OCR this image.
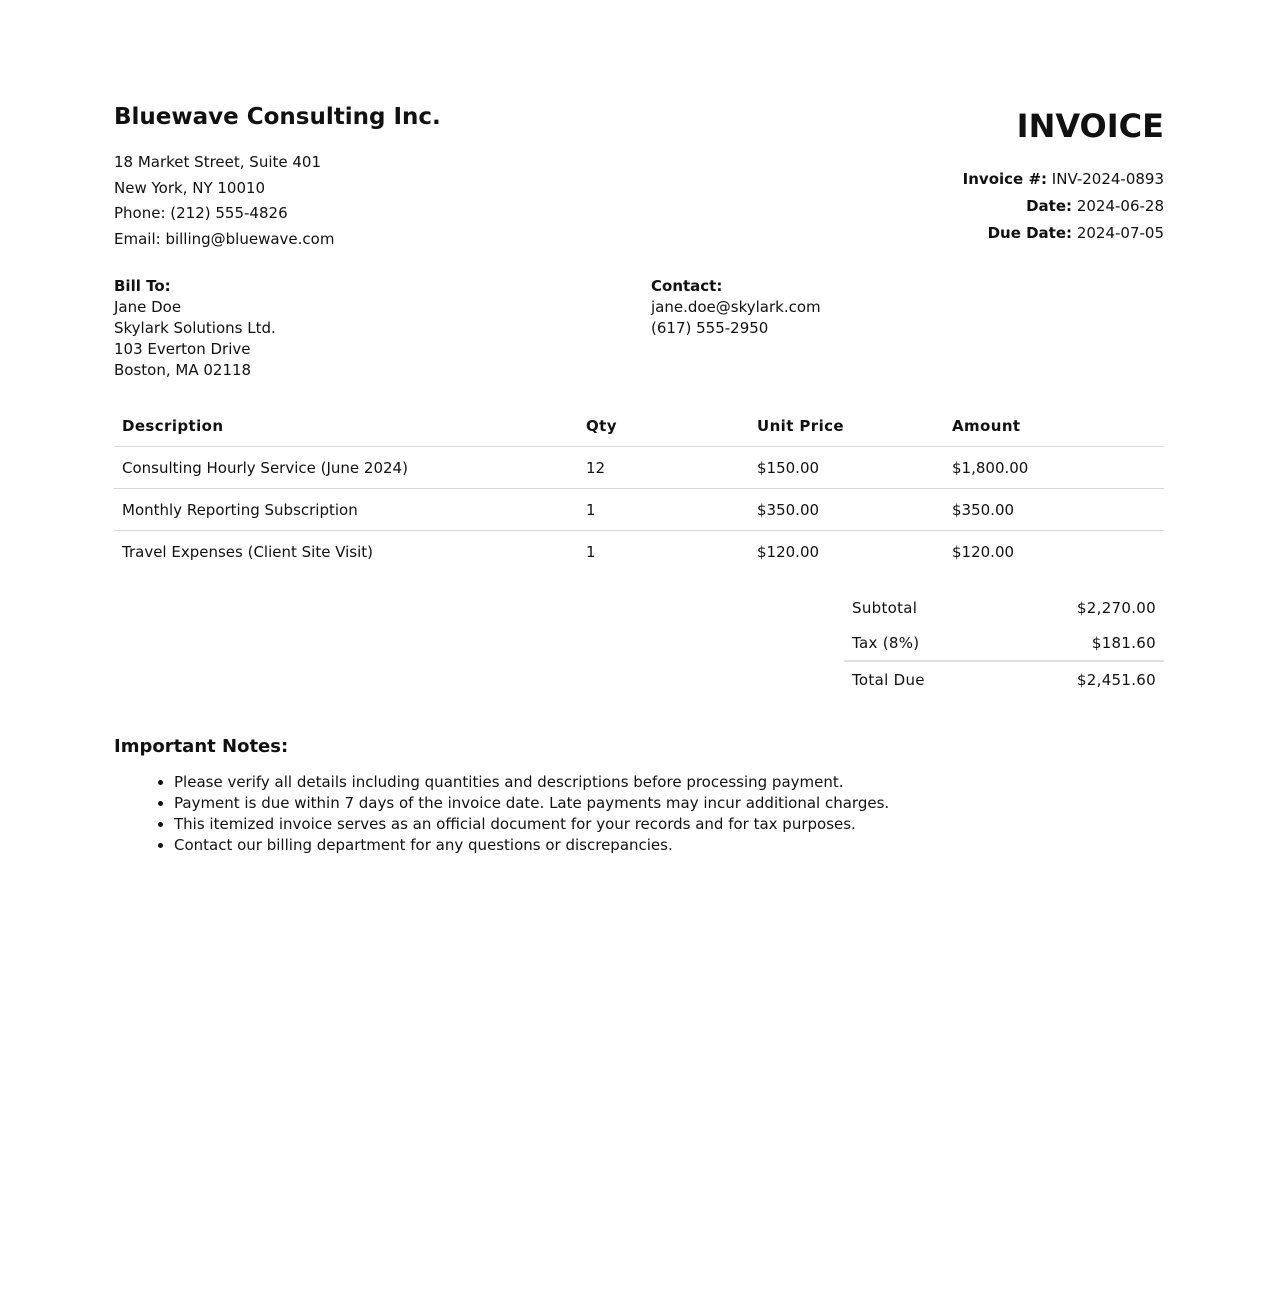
Bluewave Consulting Inc.
18 Market Street, Suite 401
New York, NY 10010
Phone: (212) 555-4826
Email: billing@bluewave.com
INVOICE
Invoice #: INV-2024-0893
Date: 2024-06-28
Due Date: 2024-07-05
Bill To:
Jane Doe
Skylark Solutions Ltd.
103 Everton Drive
Boston, MA 02118
Contact:
jane.doe@skylark.com
(617) 555-2950
Description	Qty	Unit Price	Amount
Consulting Hourly Service (June 2024)	12	$150.00	$1,800.00
Monthly Reporting Subscription	1	$350.00	$350.00
Travel Expenses (Client Site Visit)	1	$120.00	$120.00
Subtotal	$2,270.00
Tax (8%)	$181.60
Total Due	$2,451.60
Important Notes:
• Please verify all details including quantities and descriptions before processing payment.
• Payment is due within 7 days of the invoice date. Late payments may incur additional charges.
• This itemized invoice serves as an official document for your records and for tax purposes.
• Contact our billing department for any questions or discrepancies.
